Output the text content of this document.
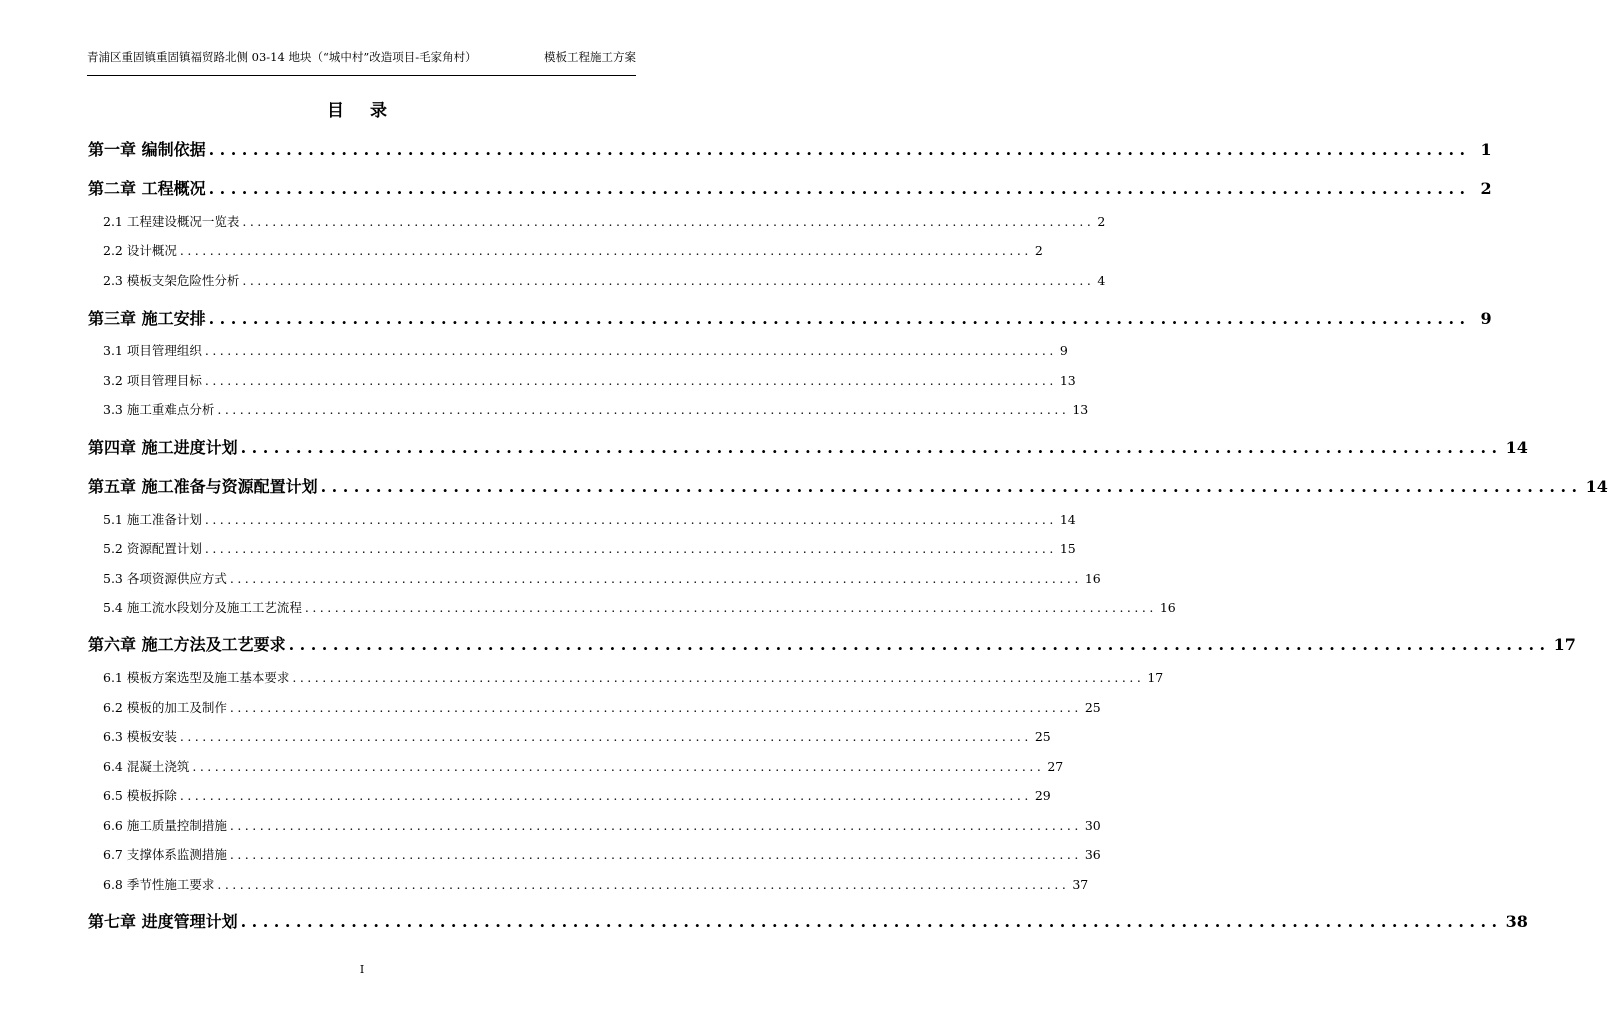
青浦区重固镇重固镇福贸路北侧 03-14 地块（“城中村”改造项目-毛家角村）	模板工程施工方案
目 录
第一章 编制依据 .................................................................................................................. 1
第二章 工程概况 .................................................................................................................. 2
2.1 工程建设概况一览表 .................................................................................................................. 2
2.2 设计概况 .................................................................................................................. 2
2.3 模板支架危险性分析 .................................................................................................................. 4
第三章 施工安排 .................................................................................................................. 9
3.1 项目管理组织 .................................................................................................................. 9
3.2 项目管理目标 .................................................................................................................. 13
3.3 施工重难点分析 .................................................................................................................. 13
第四章 施工进度计划 .................................................................................................................. 14
第五章 施工准备与资源配置计划 .................................................................................................................. 14
5.1 施工准备计划 .................................................................................................................. 14
5.2 资源配置计划 .................................................................................................................. 15
5.3 各项资源供应方式 .................................................................................................................. 16
5.4 施工流水段划分及施工工艺流程 .................................................................................................................. 16
第六章 施工方法及工艺要求 .................................................................................................................. 17
6.1 模板方案选型及施工基本要求 .................................................................................................................. 17
6.2 模板的加工及制作 .................................................................................................................. 25
6.3 模板安装 .................................................................................................................. 25
6.4 混凝土浇筑 .................................................................................................................. 27
6.5 模板拆除 .................................................................................................................. 29
6.6 施工质量控制措施 .................................................................................................................. 30
6.7 支撑体系监测措施 .................................................................................................................. 36
6.8 季节性施工要求 .................................................................................................................. 37
第七章 进度管理计划 .................................................................................................................. 38
I
